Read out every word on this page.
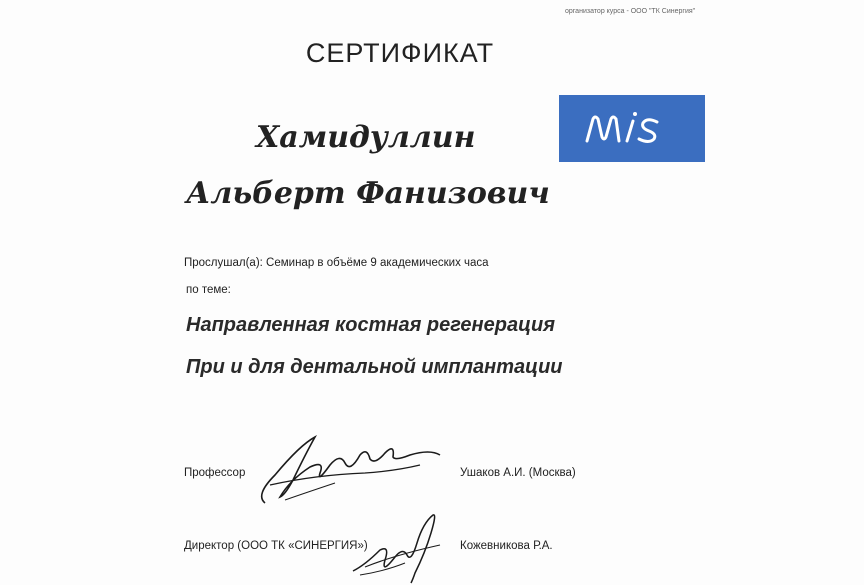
организатор курса - ООО "ТК Синергия"
СЕРТИФИКАТ
Хамидуллин
Альберт Фанизович
Прослушал(а): Семинар в объёме 9 академических часа
по теме:
Направленная костная регенерация
При и для дентальной имплантации
Профессор	Ушаков А.И. (Москва)
Директор (ООО ТК «СИНЕРГИЯ»)	Кожевникова Р.А.
